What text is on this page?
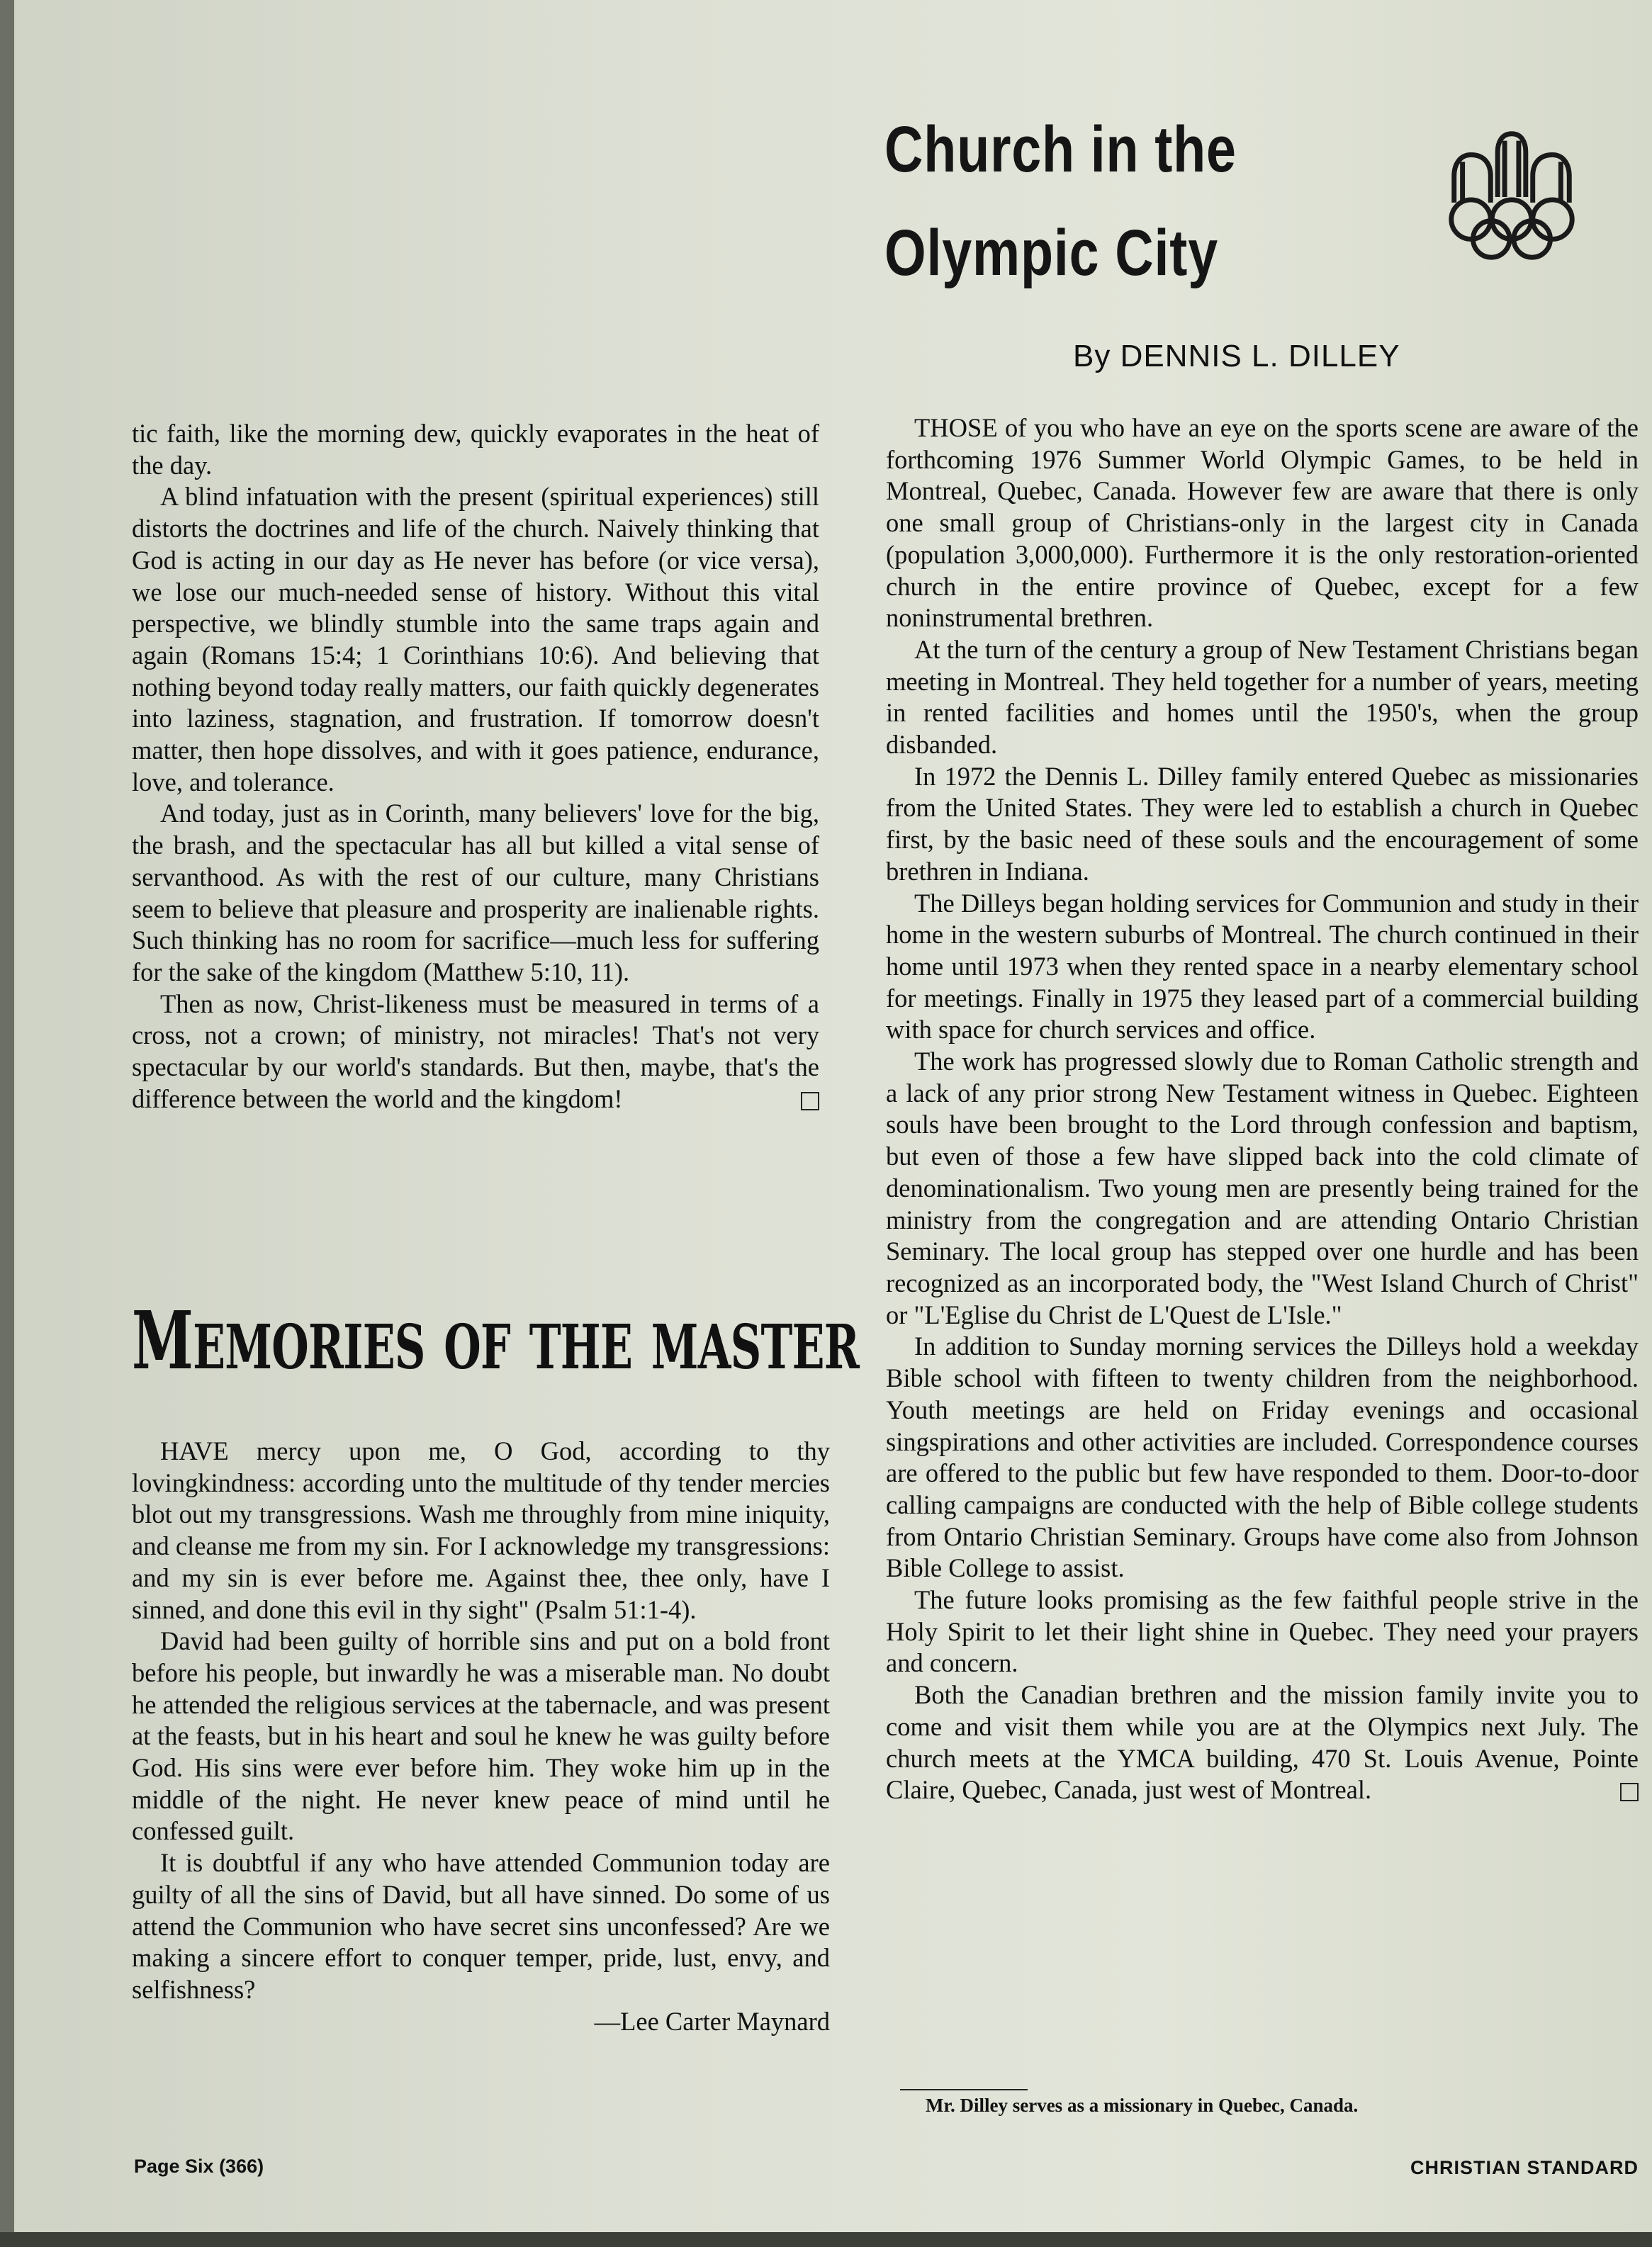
Church in the
Olympic City
By DENNIS L. DILLEY

tic faith, like the morning dew, quickly evaporates in the heat of the day.

A blind infatuation with the present (spiritual experiences) still distorts the doctrines and life of the church. Naively thinking that God is acting in our day as He never has before (or vice versa), we lose our much-needed sense of history. Without this vital perspective, we blindly stumble into the same traps again and again (Romans 15:4; 1 Corinthians 10:6). And believing that nothing beyond today really matters, our faith quickly degenerates into laziness, stagnation, and frustration. If tomorrow doesn't matter, then hope dissolves, and with it goes patience, endurance, love, and tolerance.

And today, just as in Corinth, many believers' love for the big, the brash, and the spectacular has all but killed a vital sense of servanthood. As with the rest of our culture, many Christians seem to believe that pleasure and prosperity are inalienable rights. Such thinking has no room for sacrifice—much less for suffering for the sake of the kingdom (Matthew 5:10, 11).

Then as now, Christ-likeness must be measured in terms of a cross, not a crown; of ministry, not miracles! That's not very spectacular by our world's standards. But then, maybe, that's the difference between the world and the kingdom!

MEMORIES OF THE MASTER

HAVE mercy upon me, O God, according to thy lovingkindness: according unto the multitude of thy tender mercies blot out my transgressions. Wash me throughly from mine iniquity, and cleanse me from my sin. For I acknowledge my transgressions: and my sin is ever before me. Against thee, thee only, have I sinned, and done this evil in thy sight" (Psalm 51:1-4).

David had been guilty of horrible sins and put on a bold front before his people, but inwardly he was a miserable man. No doubt he attended the religious services at the tabernacle, and was present at the feasts, but in his heart and soul he knew he was guilty before God. His sins were ever before him. They woke him up in the middle of the night. He never knew peace of mind until he confessed guilt.

It is doubtful if any who have attended Communion today are guilty of all the sins of David, but all have sinned. Do some of us attend the Communion who have secret sins unconfessed? Are we making a sincere effort to conquer temper, pride, lust, envy, and selfishness?

—Lee Carter Maynard

THOSE of you who have an eye on the sports scene are aware of the forthcoming 1976 Summer World Olympic Games, to be held in Montreal, Quebec, Canada. However few are aware that there is only one small group of Christians-only in the largest city in Canada (population 3,000,000). Furthermore it is the only restoration-oriented church in the entire province of Quebec, except for a few noninstrumental brethren.

At the turn of the century a group of New Testament Christians began meeting in Montreal. They held together for a number of years, meeting in rented facilities and homes until the 1950's, when the group disbanded.

In 1972 the Dennis L. Dilley family entered Quebec as missionaries from the United States. They were led to establish a church in Quebec first, by the basic need of these souls and the encouragement of some brethren in Indiana.

The Dilleys began holding services for Communion and study in their home in the western suburbs of Montreal. The church continued in their home until 1973 when they rented space in a nearby elementary school for meetings. Finally in 1975 they leased part of a commercial building with space for church services and office.

The work has progressed slowly due to Roman Catholic strength and a lack of any prior strong New Testament witness in Quebec. Eighteen souls have been brought to the Lord through confession and baptism, but even of those a few have slipped back into the cold climate of denominationalism. Two young men are presently being trained for the ministry from the congregation and are attending Ontario Christian Seminary. The local group has stepped over one hurdle and has been recognized as an incorporated body, the "West Island Church of Christ" or "L'Eglise du Christ de L'Quest de L'Isle."

In addition to Sunday morning services the Dilleys hold a weekday Bible school with fifteen to twenty children from the neighborhood. Youth meetings are held on Friday evenings and occasional singspirations and other activities are included. Correspondence courses are offered to the public but few have responded to them. Door-to-door calling campaigns are conducted with the help of Bible college students from Ontario Christian Seminary. Groups have come also from Johnson Bible College to assist.

The future looks promising as the few faithful people strive in the Holy Spirit to let their light shine in Quebec. They need your prayers and concern.

Both the Canadian brethren and the mission family invite you to come and visit them while you are at the Olympics next July. The church meets at the YMCA building, 470 St. Louis Avenue, Pointe Claire, Quebec, Canada, just west of Montreal.

Mr. Dilley serves as a missionary in Quebec, Canada.
Page Six (366)	CHRISTIAN STANDARD
